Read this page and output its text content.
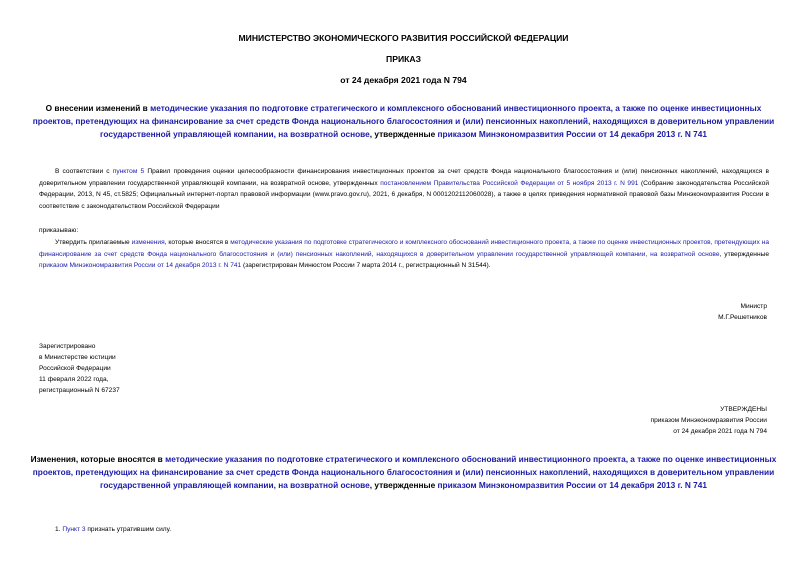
МИНИСТЕРСТВО ЭКОНОМИЧЕСКОГО РАЗВИТИЯ РОССИЙСКОЙ ФЕДЕРАЦИИ
ПРИКАЗ
от 24 декабря 2021 года N 794
О внесении изменений в методические указания по подготовке стратегического и комплексного обоснований инвестиционного проекта, а также по оценке инвестиционных проектов, претендующих на финансирование за счет средств Фонда национального благосостояния и (или) пенсионных накоплений, находящихся в доверительном управлении государственной управляющей компании, на возвратной основе, утвержденные приказом Минэкономразвития России от 14 декабря 2013 г. N 741
В соответствии с пунктом 5 Правил проведения оценки целесообразности финансирования инвестиционных проектов за счет средств Фонда национального благосостояния и (или) пенсионных накоплений, находящихся в доверительном управлении государственной управляющей компании, на возвратной основе, утвержденных постановлением Правительства Российской Федерации от 5 ноября 2013 г. N 991 (Собрание законодательства Российской Федерации, 2013, N 45, ст.5825; Официальный интернет-портал правовой информации (www.pravo.gov.ru), 2021, 6 декабря, N 0001202112060028), а также в целях приведения нормативной правовой базы Минэкономразвития России в соответствие с законодательством Российской Федерации
приказываю:
Утвердить прилагаемые изменения, которые вносятся в методические указания по подготовке стратегического и комплексного обоснований инвестиционного проекта, а также по оценке инвестиционных проектов, претендующих на финансирование за счет средств Фонда национального благосостояния и (или) пенсионных накоплений, находящихся в доверительном управлении государственной управляющей компании, на возвратной основе, утвержденные приказом Минэкономразвития России от 14 декабря 2013 г. N 741 (зарегистрирован Минюстом России 7 марта 2014 г., регистрационный N 31544).
Министр
М.Г.Решетников
Зарегистрировано
в Министерстве юстиции
Российской Федерации
11 февраля 2022 года,
регистрационный N 67237
УТВЕРЖДЕНЫ
приказом Минэкономразвития России
от 24 декабря 2021 года N 794
Изменения, которые вносятся в методические указания по подготовке стратегического и комплексного обоснований инвестиционного проекта, а также по оценке инвестиционных проектов, претендующих на финансирование за счет средств Фонда национального благосостояния и (или) пенсионных накоплений, находящихся в доверительном управлении государственной управляющей компании, на возвратной основе, утвержденные приказом Минэкономразвития России от 14 декабря 2013 г. N 741
1. Пункт 3 признать утратившим силу.
